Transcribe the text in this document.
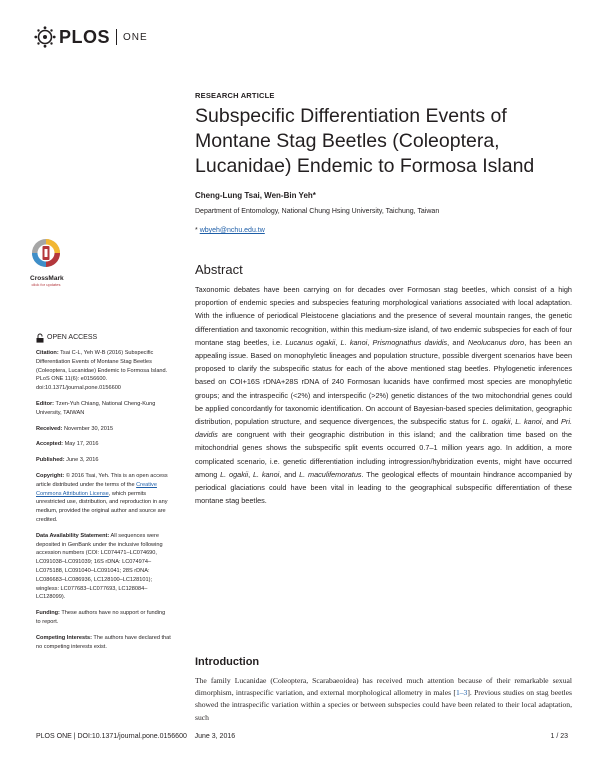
PLOS ONE
RESEARCH ARTICLE
Subspecific Differentiation Events of Montane Stag Beetles (Coleoptera, Lucanidae) Endemic to Formosa Island
Cheng-Lung Tsai, Wen-Bin Yeh*
Department of Entomology, National Chung Hsing University, Taichung, Taiwan
* wbyeh@nchu.edu.tw
CrossMark
click for updates
Abstract
Taxonomic debates have been carrying on for decades over Formosan stag beetles, which consist of a high proportion of endemic species and subspecies featuring morphological variations associated with local adaptation. With the influence of periodical Pleistocene glaciations and the presence of several mountain ranges, the genetic differentiation and taxonomic recognition, within this medium-size island, of two endemic subspecies for each of four montane stag beetles, i.e. Lucanus ogakii, L. kanoi, Prismognathus davidis, and Neolucanus doro, has been an appealing issue. Based on monophyletic lineages and population structure, possible divergent scenarios have been proposed to clarify the subspecific status for each of the above mentioned stag beetles. Phylogenetic inferences based on COI+16S rDNA+28S rDNA of 240 Formosan lucanids have confirmed most species are monophyletic groups; and the intraspecific (<2%) and interspecific (>2%) genetic distances of the two mitochondrial genes could be applied concordantly for taxonomic identification. On account of Bayesian-based species delimitation, geographic distribution, population structure, and sequence divergences, the subspecific status for L. ogakii, L. kanoi, and Pri. davidis are congruent with their geographic distribution in this island; and the calibration time based on the mitochondrial genes shows the subspecific split events occurred 0.7–1 million years ago. In addition, a more complicated scenario, i.e. genetic differentiation including introgression/hybridization events, might have occurred among L. ogakii, L. kanoi, and L. maculifemoratus. The geological effects of mountain hindrance accompanied by periodical glaciations could have been vital in leading to the geographical subspecific differentiation of these montane stag beetles.
OPEN ACCESS
Citation: Tsai C-L, Yeh W-B (2016) Subspecific Differentiation Events of Montane Stag Beetles (Coleoptera, Lucanidae) Endemic to Formosa Island. PLoS ONE 11(6): e0156600. doi:10.1371/journal.pone.0156600
Editor: Tzen-Yuh Chiang, National Cheng-Kung University, TAIWAN
Received: November 30, 2015
Accepted: May 17, 2016
Published: June 3, 2016
Copyright: © 2016 Tsai, Yeh. This is an open access article distributed under the terms of the Creative Commons Attribution License, which permits unrestricted use, distribution, and reproduction in any medium, provided the original author and source are credited.
Data Availability Statement: All sequences were deposited in GenBank under the inclusive following accession numbers (COI: LC074471–LC074690, LC091038–LC091039; 16S rDNA: LC074974–LC075188, LC091040–LC091041; 28S rDNA: LC086683–LC086936, LC128100–LC128101); wingless: LC077683–LC077693, LC128084–LC128099).
Funding: These authors have no support or funding to report.
Competing Interests: The authors have declared that no competing interests exist.
Introduction
The family Lucanidae (Coleoptera, Scarabaeoidea) has received much attention because of their remarkable sexual dimorphism, intraspecific variation, and external morphological allometry in males [1–3]. Previous studies on stag beetles showed the intraspecific variation within a species or between subspecies could have been related to their local adaptation, such
PLOS ONE | DOI:10.1371/journal.pone.0156600    June 3, 2016	1 / 23
